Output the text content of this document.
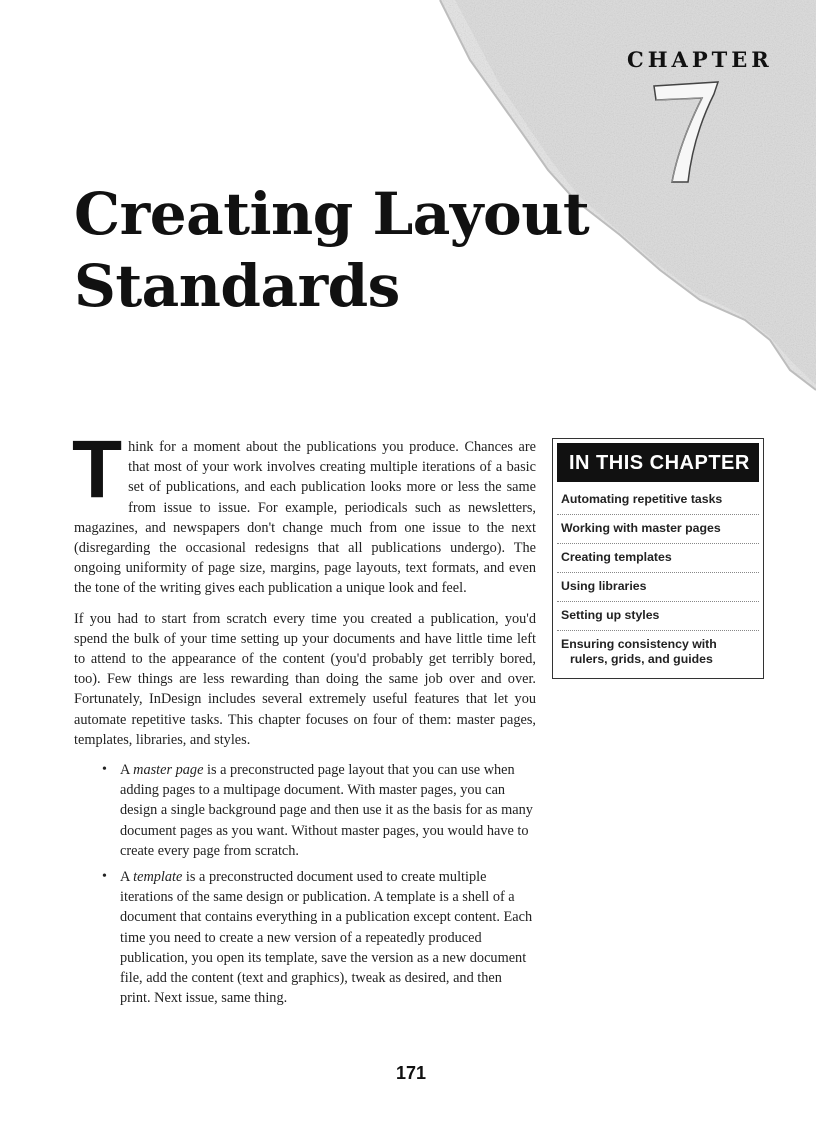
CHAPTER
Creating Layout
Standards

Think for a moment about the publications you produce. Chances are that most of your work involves creating multiple iterations of a basic set of publications, and each publication looks more or less the same from issue to issue. For example, periodicals such as newsletters, magazines, and newspapers don't change much from one issue to the next (disregarding the occasional redesigns that all publications undergo). The ongoing uniformity of page size, margins, page layouts, text formats, and even the tone of the writing gives each publication a unique look and feel.

If you had to start from scratch every time you created a publication, you'd spend the bulk of your time setting up your documents and have little time left to attend to the appearance of the content (you'd probably get terribly bored, too). Few things are less rewarding than doing the same job over and over. Fortunately, InDesign includes several extremely useful features that let you automate repetitive tasks. This chapter focuses on four of them: master pages, templates, libraries, and styles.

• A master page is a preconstructed page layout that you can use when adding pages to a multipage document. With master pages, you can design a single background page and then use it as the basis for as many document pages as you want. Without master pages, you would have to create every page from scratch.
• A template is a preconstructed document used to create multiple iterations of the same design or publication. A template is a shell of a document that contains everything in a publication except content. Each time you need to create a new version of a repeatedly produced publication, you open its template, save the version as a new document file, add the content (text and graphics), tweak as desired, and then print. Next issue, same thing.
IN THIS CHAPTER
Automating repetitive tasks
Working with master pages
Creating templates
Using libraries
Setting up styles
Ensuring consistency with
rulers, grids, and guides
171
